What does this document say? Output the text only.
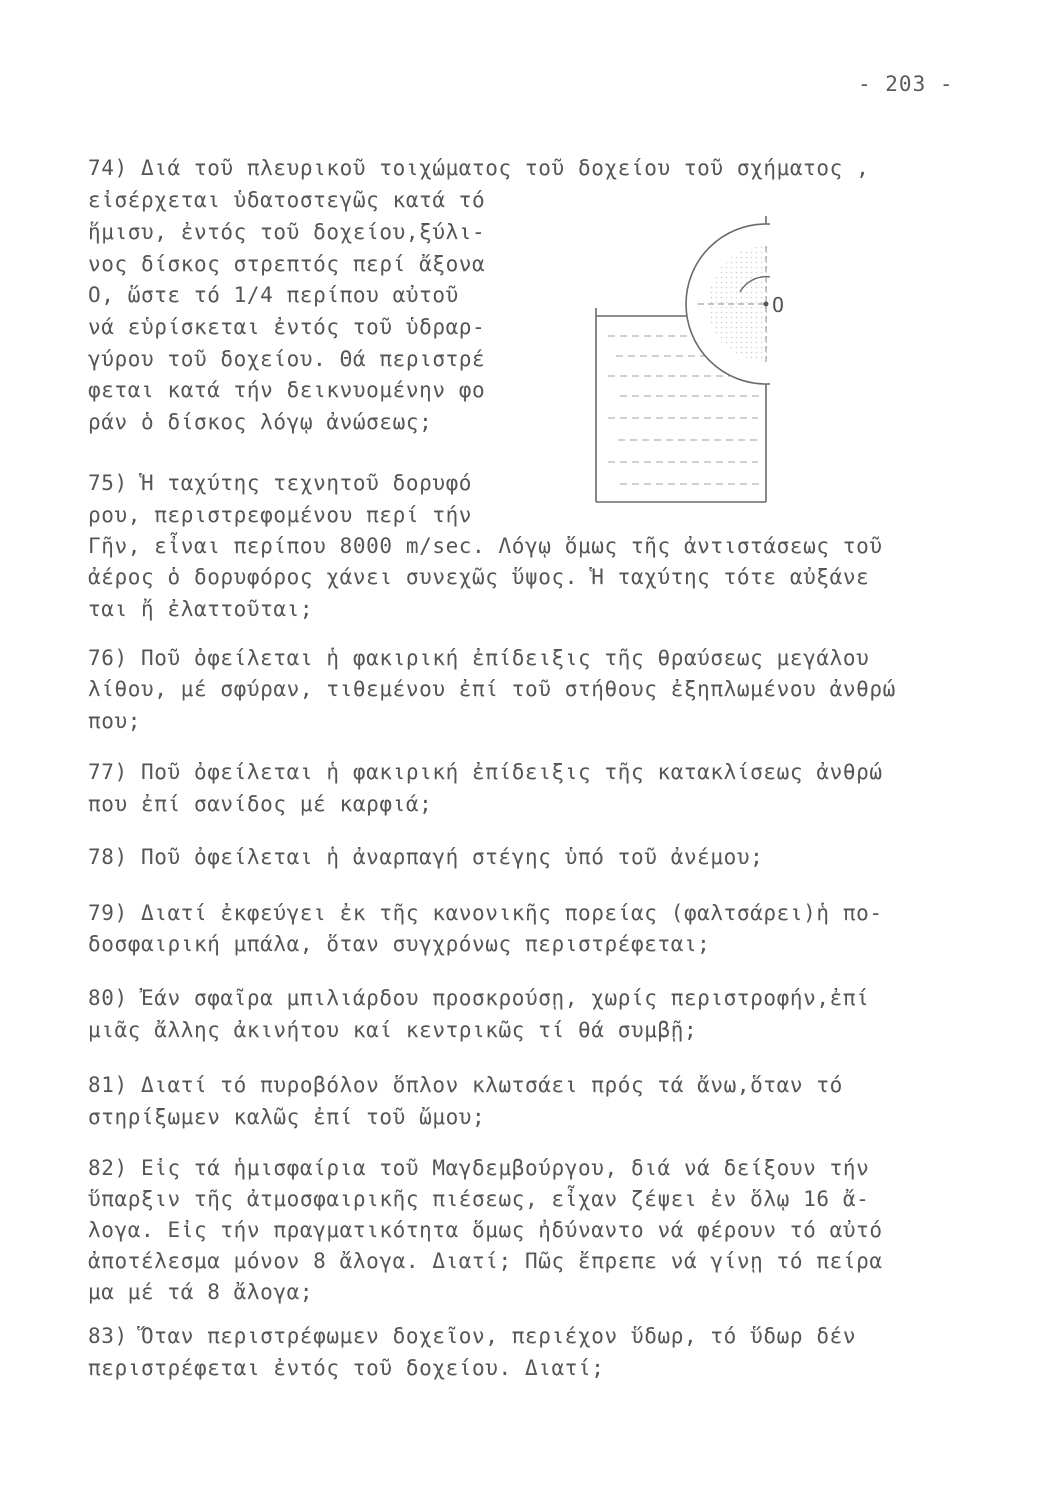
- 203 -
74) Διά τοῦ πλευρικοῦ τοιχώματος τοῦ δοχείου τοῦ σχήματος ,
εἰσέρχεται ὑδατοστεγῶς κατά τό
ἥμισυ, ἐντός τοῦ δοχείου,ξύλι-
νος δίσκος στρεπτός περί ἄξονα
O, ὥστε τό 1/4 περίπου αὐτοῦ
νά εὑρίσκεται ἐντός τοῦ ὑδραρ-
γύρου τοῦ δοχείου. Θά περιστρέ
φεται κατά τήν δεικνυομένην φο
ράν ὁ δίσκος λόγῳ ἀνώσεως;
O
75) Ἡ ταχύτης τεχνητοῦ δορυφό
ρου, περιστρεφομένου περί τήν
Γῆν, εἶναι περίπου 8000 m/sec. Λόγῳ ὅμως τῆς ἀντιστάσεως τοῦ
ἀέρος ὁ δορυφόρος χάνει συνεχῶς ὕψος. Ἡ ταχύτης τότε αὐξάνε
ται ἤ ἐλαττοῦται;
76) Ποῦ ὀφείλεται ἡ φακιρική ἐπίδειξις τῆς θραύσεως μεγάλου
λίθου, μέ σφύραν, τιθεμένου ἐπί τοῦ στήθους ἐξηπλωμένου ἀνθρώ
που;
77) Ποῦ ὀφείλεται ἡ φακιρική ἐπίδειξις τῆς κατακλίσεως ἀνθρώ
που ἐπί σανίδος μέ καρφιά;
78) Ποῦ ὀφείλεται ἡ ἀναρπαγή στέγης ὑπό τοῦ ἀνέμου;
79) Διατί ἐκφεύγει ἐκ τῆς κανονικῆς πορείας (φαλτσάρει)ἡ πο-
δοσφαιρική μπάλα, ὅταν συγχρόνως περιστρέφεται;
80) Ἐάν σφαῖρα μπιλιάρδου προσκρούσῃ, χωρίς περιστροφήν,ἐπί
μιᾶς ἄλλης ἀκινήτου καί κεντρικῶς τί θά συμβῇ;
81) Διατί τό πυροβόλον ὅπλον κλωτσάει πρός τά ἄνω,ὅταν τό
στηρίξωμεν καλῶς ἐπί τοῦ ὤμου;
82) Εἰς τά ἡμισφαίρια τοῦ Μαγδεμβούργου, διά νά δείξουν τήν
ὕπαρξιν τῆς ἀτμοσφαιρικῆς πιέσεως, εἶχαν ζέψει ἐν ὅλῳ 16 ἄ-
λογα. Εἰς τήν πραγματικότητα ὅμως ἠδύναντο νά φέρουν τό αὐτό
ἀποτέλεσμα μόνον 8 ἄλογα. Διατί; Πῶς ἔπρεπε νά γίνῃ τό πείρα
μα μέ τά 8 ἄλογα;
83) Ὅταν περιστρέφωμεν δοχεῖον, περιέχον ὕδωρ, τό ὕδωρ δέν
περιστρέφεται ἐντός τοῦ δοχείου. Διατί;
